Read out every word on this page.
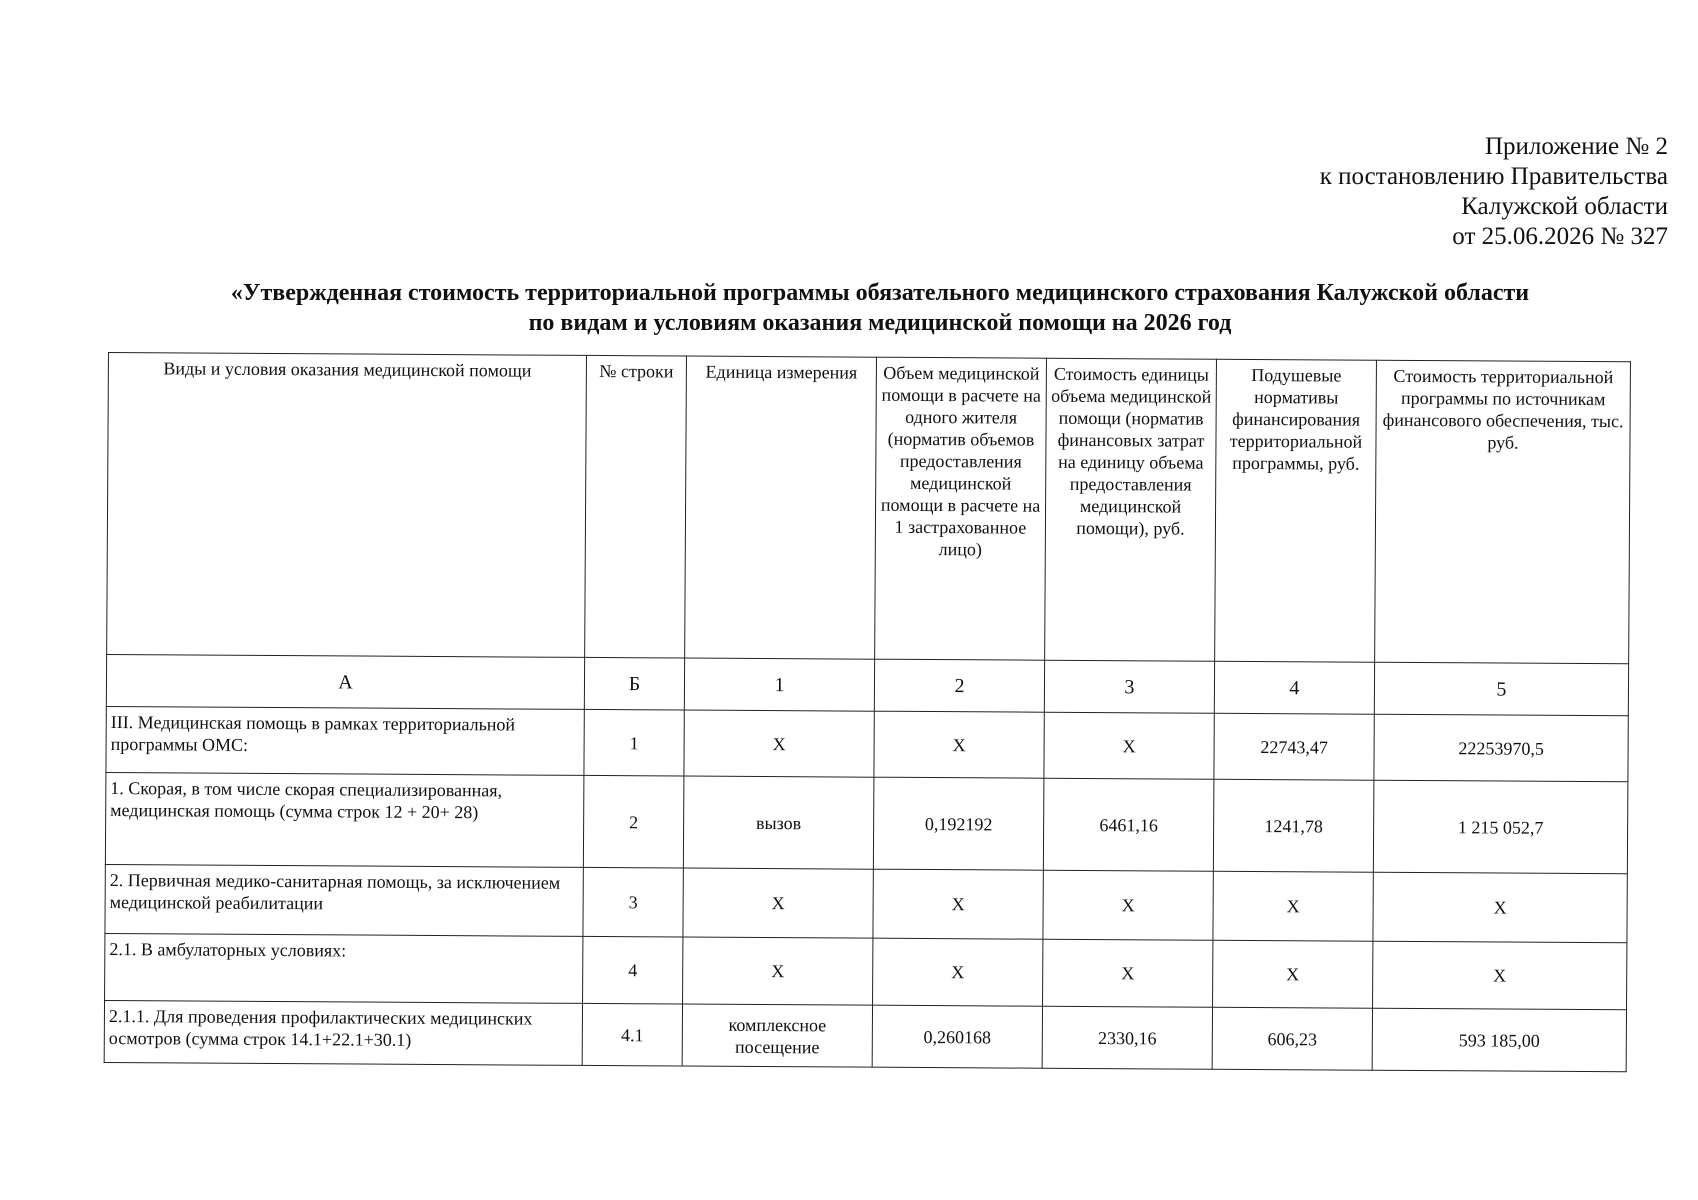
Приложение № 2
к постановлению Правительства
Калужской области
от 25.06.2026 № 327
«Утвержденная стоимость территориальной программы обязательного медицинского страхования Калужской области
по видам и условиям оказания медицинской помощи на 2026 год
Виды и условия оказания медицинской помощи	№ строки	Единица измерения	Объем медицинской помощи в расчете на одного жителя (норматив объемов предоставления медицинской помощи в расчете на 1 застрахованное лицо)	Стоимость единицы объема медицинской помощи (норматив финансовых затрат на единицу объема предоставления медицинской помощи), руб.	Подушевые нормативы финансирования территориальной программы, руб.	Стоимость территориальной программы по источникам финансового обеспечения, тыс. руб.
А	Б	1	2	3	4	5
III. Медицинская помощь в рамках территориальной программы ОМС:	1	Х	Х	Х	22743,47	22253970,5
1. Скорая, в том числе скорая специализированная, медицинская помощь (сумма строк 12 + 20+ 28)	2	вызов	0,192192	6461,16	1241,78	1 215 052,7
2. Первичная медико-санитарная помощь, за исключением медицинской реабилитации	3	Х	Х	Х	Х	Х
2.1. В амбулаторных условиях:	4	Х	Х	Х	Х	Х
2.1.1. Для проведения профилактических медицинских осмотров (сумма строк 14.1+22.1+30.1)	4.1	комплексное посещение	0,260168	2330,16	606,23	593 185,00
